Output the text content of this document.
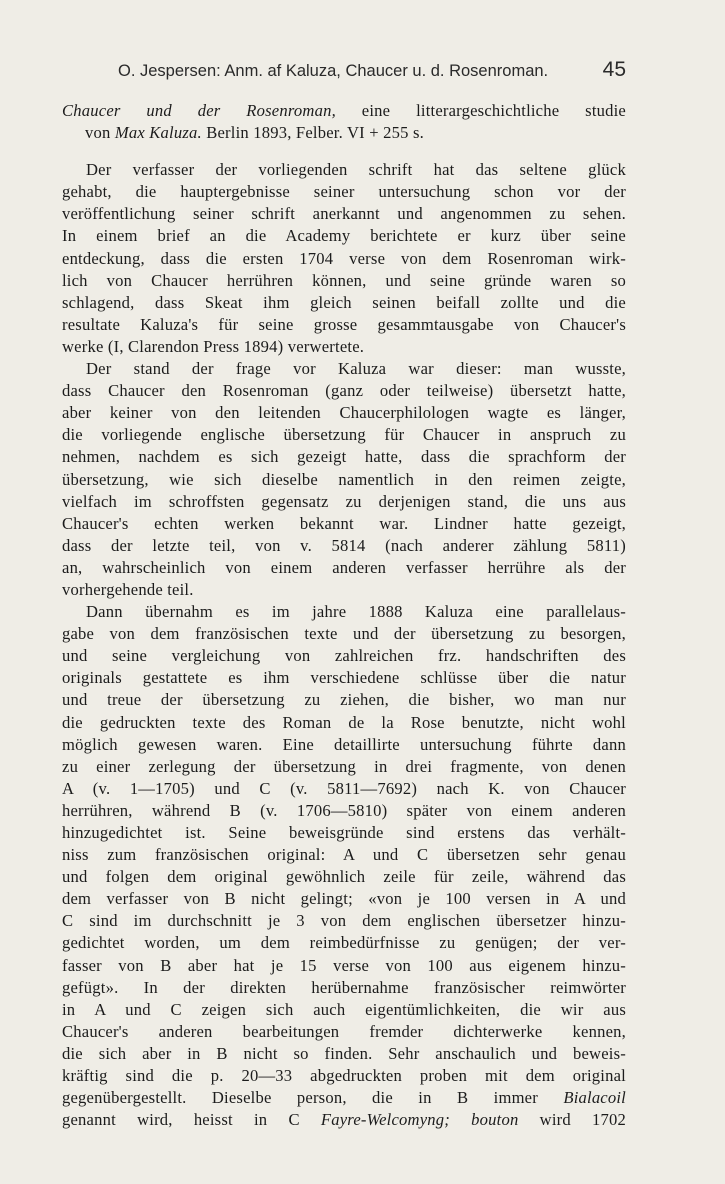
O. Jespersen: Anm. af Kaluza, Chaucer u. d. Rosenroman.	45
Chaucer und der Rosenroman, eine litterargeschichtliche studie
von Max Kaluza. Berlin 1893, Felber. VI + 255 s.
Der verfasser der vorliegenden schrift hat das seltene glück
gehabt, die hauptergebnisse seiner untersuchung schon vor der
veröffentlichung seiner schrift anerkannt und angenommen zu sehen.
In einem brief an die Academy berichtete er kurz über seine
entdeckung, dass die ersten 1704 verse von dem Rosenroman wirk-
lich von Chaucer herrühren können, und seine gründe waren so
schlagend, dass Skeat ihm gleich seinen beifall zollte und die
resultate Kaluza's für seine grosse gesammtausgabe von Chaucer's
werke (I, Clarendon Press 1894) verwertete.
Der stand der frage vor Kaluza war dieser: man wusste,
dass Chaucer den Rosenroman (ganz oder teilweise) übersetzt hatte,
aber keiner von den leitenden Chaucerphilologen wagte es länger,
die vorliegende englische übersetzung für Chaucer in anspruch zu
nehmen, nachdem es sich gezeigt hatte, dass die sprachform der
übersetzung, wie sich dieselbe namentlich in den reimen zeigte,
vielfach im schroffsten gegensatz zu derjenigen stand, die uns aus
Chaucer's echten werken bekannt war. Lindner hatte gezeigt,
dass der letzte teil, von v. 5814 (nach anderer zählung 5811)
an, wahrscheinlich von einem anderen verfasser herrühre als der
vorhergehende teil.
Dann übernahm es im jahre 1888 Kaluza eine parallelaus-
gabe von dem französischen texte und der übersetzung zu besorgen,
und seine vergleichung von zahlreichen frz. handschriften des
originals gestattete es ihm verschiedene schlüsse über die natur
und treue der übersetzung zu ziehen, die bisher, wo man nur
die gedruckten texte des Roman de la Rose benutzte, nicht wohl
möglich gewesen waren. Eine detaillirte untersuchung führte dann
zu einer zerlegung der übersetzung in drei fragmente, von denen
A (v. 1—1705) und C (v. 5811—7692) nach K. von Chaucer
herrühren, während B (v. 1706—5810) später von einem anderen
hinzugedichtet ist. Seine beweisgründe sind erstens das verhält-
niss zum französischen original: A und C übersetzen sehr genau
und folgen dem original gewöhnlich zeile für zeile, während das
dem verfasser von B nicht gelingt; «von je 100 versen in A und
C sind im durchschnitt je 3 von dem englischen übersetzer hinzu-
gedichtet worden, um dem reimbedürfnisse zu genügen; der ver-
fasser von B aber hat je 15 verse von 100 aus eigenem hinzu-
gefügt». In der direkten herübernahme französischer reimwörter
in A und C zeigen sich auch eigentümlichkeiten, die wir aus
Chaucer's anderen bearbeitungen fremder dichterwerke kennen,
die sich aber in B nicht so finden. Sehr anschaulich und beweis-
kräftig sind die p. 20—33 abgedruckten proben mit dem original
gegenübergestellt. Dieselbe person, die in B immer Bialacoil
genannt wird, heisst in C Fayre-Welcomyng; bouton wird 1702
